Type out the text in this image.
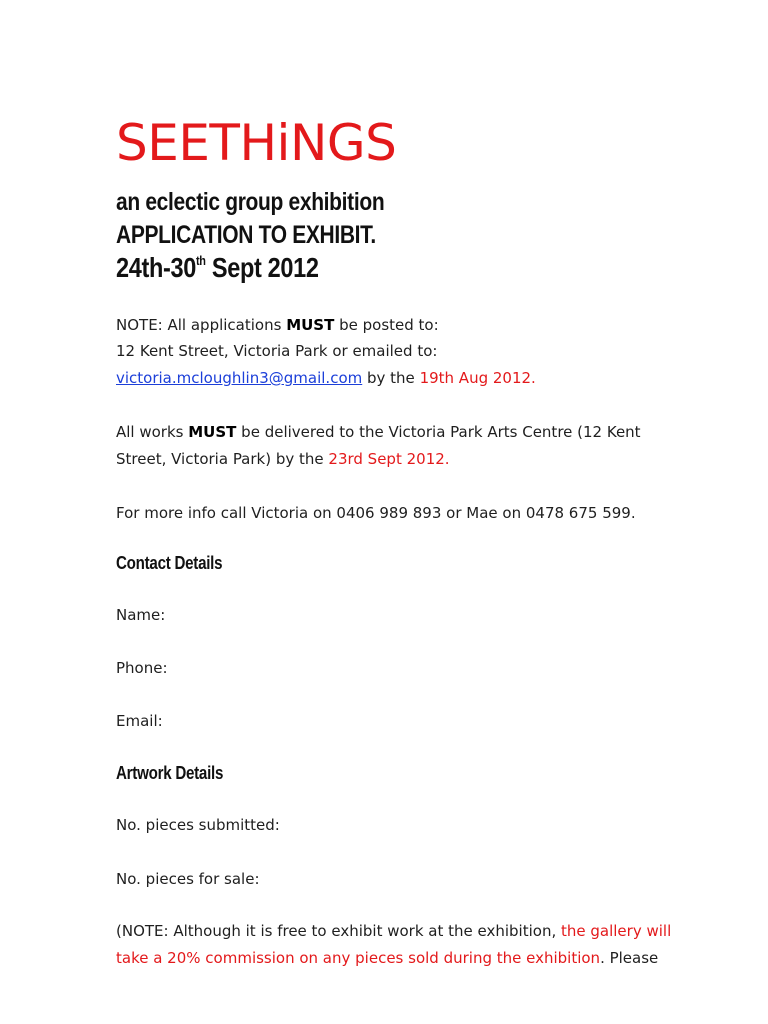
SEETHiNGS
an eclectic group exhibition
APPLICATION TO EXHIBIT.
24th-30th Sept 2012

NOTE: All applications MUST be posted to:

12 Kent Street, Victoria Park or emailed to:

victoria.mcloughlin3@gmail.com by the 19th Aug 2012.

All works MUST be delivered to the Victoria Park Arts Centre (12 Kent

Street, Victoria Park) by the 23rd Sept 2012.

For more info call Victoria on 0406 989 893 or Mae on 0478 675 599.

Contact Details

Name:

Phone:

Email:

Artwork Details

No. pieces submitted:

No. pieces for sale:

(NOTE: Although it is free to exhibit work at the exhibition, the gallery will

take a 20% commission on any pieces sold during the exhibition. Please
